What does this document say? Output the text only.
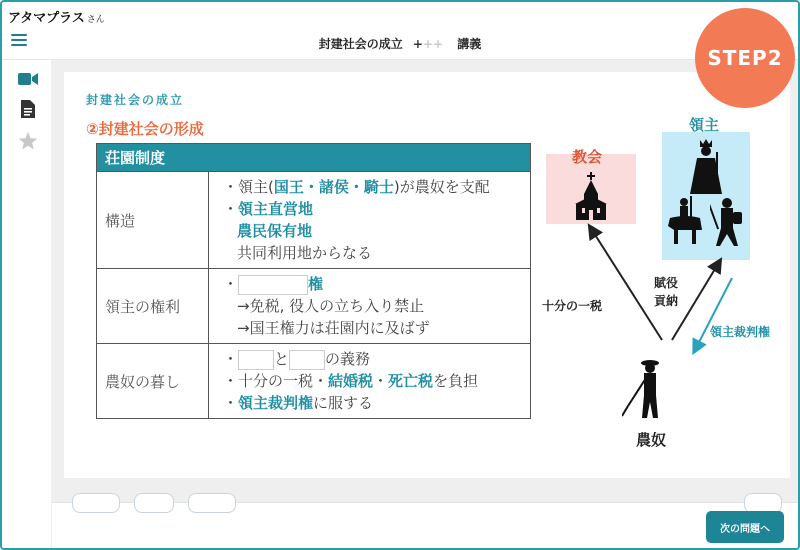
アタマプラス さん
封建社会の成立 +++ 講義
STEP2
封建社会の成立
②封建社会の形成
荘園制度	
構造	・領主(国王・諸侯・騎士)が農奴を支配
・領主直営地
農民保有地
共同利用地からなる

領主の権利	・ 権
→免税, 役人の立ち入り禁止
→国王権力は荘園内に及ばず

農奴の暮し	・ と の義務
・十分の一税・結婚税・死亡税を負担
・領主裁判権に服する
教会
領主
十分の一税
賦役
貢納
領主裁判権
農奴
次の問題へ
